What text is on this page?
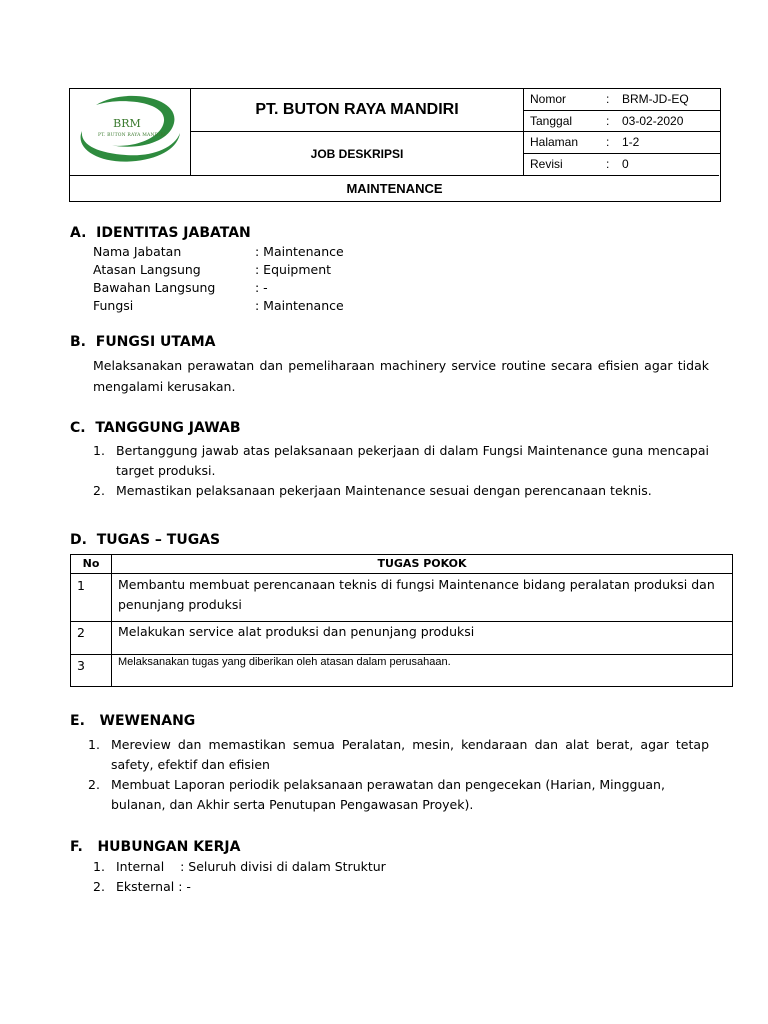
BRM
PT. BUTON RAYA MANDIRI
PT. BUTON RAYA MANDIRI
JOB DESKRIPSI
Nomor	: BRM-JD-EQ
Tanggal	: 03-02-2020
Halaman : 1-2
Revisi	: 0
MAINTENANCE
A. IDENTITAS JABATAN
Nama Jabatan	: Maintenance
Atasan Langsung	: Equipment
Bawahan Langsung	: -
Fungsi	: Maintenance
B. FUNGSI UTAMA
Melaksanakan perawatan dan pemeliharaan machinery service routine secara efisien agar tidak mengalami kerusakan.
C. TANGGUNG JAWAB
1. Bertanggung jawab atas pelaksanaan pekerjaan di dalam Fungsi Maintenance guna mencapai target produksi.
2. Memastikan pelaksanaan pekerjaan Maintenance sesuai dengan perencanaan teknis.
D. TUGAS – TUGAS
No	TUGAS POKOK
1	Membantu membuat perencanaan teknis di fungsi Maintenance bidang peralatan produksi dan penunjang produksi
2	Melakukan service alat produksi dan penunjang produksi
3	Melaksanakan tugas yang diberikan oleh atasan dalam perusahaan.
E. WEWENANG
1. Mereview dan memastikan semua Peralatan, mesin, kendaraan dan alat berat, agar tetap safety, efektif dan efisien
2. Membuat Laporan periodik pelaksanaan perawatan dan pengecekan (Harian, Mingguan, bulanan, dan Akhir serta Penutupan Pengawasan Proyek).
F. HUBUNGAN KERJA
1. Internal    : Seluruh divisi di dalam Struktur
2. Eksternal : -
